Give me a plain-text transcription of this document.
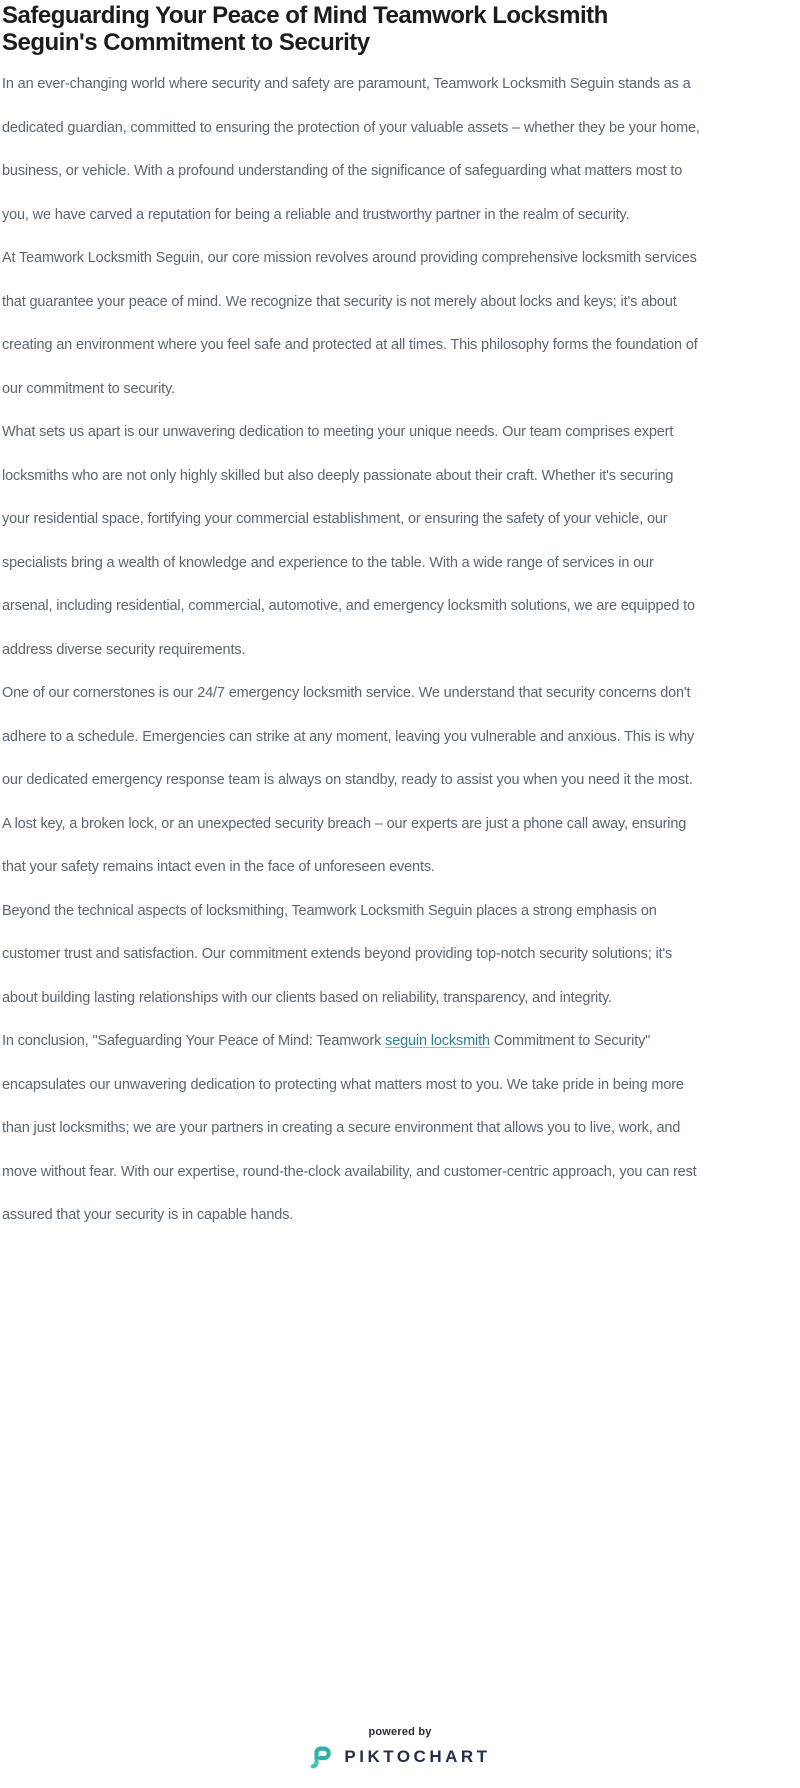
Safeguarding Your Peace of Mind Teamwork Locksmith Seguin's Commitment to Security

In an ever-changing world where security and safety are paramount, Teamwork Locksmith Seguin stands as a dedicated guardian, committed to ensuring the protection of your valuable assets – whether they be your home, business, or vehicle. With a profound understanding of the significance of safeguarding what matters most to you, we have carved a reputation for being a reliable and trustworthy partner in the realm of security.

At Teamwork Locksmith Seguin, our core mission revolves around providing comprehensive locksmith services that guarantee your peace of mind. We recognize that security is not merely about locks and keys; it's about creating an environment where you feel safe and protected at all times. This philosophy forms the foundation of our commitment to security.

What sets us apart is our unwavering dedication to meeting your unique needs. Our team comprises expert locksmiths who are not only highly skilled but also deeply passionate about their craft. Whether it's securing your residential space, fortifying your commercial establishment, or ensuring the safety of your vehicle, our specialists bring a wealth of knowledge and experience to the table. With a wide range of services in our arsenal, including residential, commercial, automotive, and emergency locksmith solutions, we are equipped to address diverse security requirements.

One of our cornerstones is our 24/7 emergency locksmith service. We understand that security concerns don't adhere to a schedule. Emergencies can strike at any moment, leaving you vulnerable and anxious. This is why our dedicated emergency response team is always on standby, ready to assist you when you need it the most. A lost key, a broken lock, or an unexpected security breach – our experts are just a phone call away, ensuring that your safety remains intact even in the face of unforeseen events.

Beyond the technical aspects of locksmithing, Teamwork Locksmith Seguin places a strong emphasis on customer trust and satisfaction. Our commitment extends beyond providing top-notch security solutions; it's about building lasting relationships with our clients based on reliability, transparency, and integrity.

In conclusion, "Safeguarding Your Peace of Mind: Teamwork seguin locksmith Commitment to Security" encapsulates our unwavering dedication to protecting what matters most to you. We take pride in being more than just locksmiths; we are your partners in creating a secure environment that allows you to live, work, and move without fear. With our expertise, round-the-clock availability, and customer-centric approach, you can rest assured that your security is in capable hands.

powered by
PIKTOCHART
